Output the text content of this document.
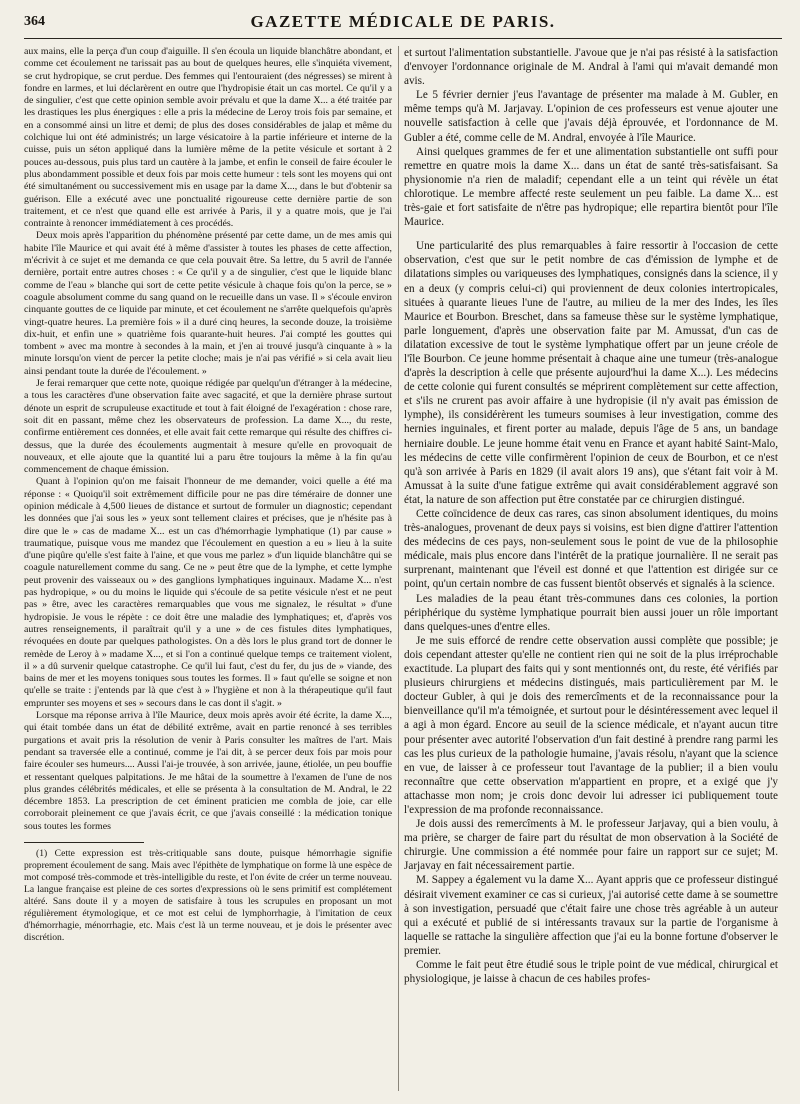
364	GAZETTE MÉDICALE DE PARIS.

aux mains, elle la perça d'un coup d'aiguille. Il s'en écoula un liquide blanchâtre abondant, et comme cet écoulement ne tarissait pas au bout de quelques heures, elle s'inquiéta vivement, se crut hydropique, se crut perdue. Des femmes qui l'entouraient (des négresses) se mirent à fondre en larmes, et lui déclarèrent en outre que l'hydropisie était un cas mortel. Ce qu'il y a de singulier, c'est que cette opinion semble avoir prévalu et que la dame X... a été traitée par les drastiques les plus énergiques : elle a pris la médecine de Leroy trois fois par semaine, et en a consommé ainsi un litre et demi; de plus des doses considérables de jalap et même du colchique lui ont été administrés; un large vésicatoire à la partie inférieure et interne de la cuisse, puis un séton appliqué dans la lumière même de la petite vésicule et sortant à 2 pouces au-dessous, puis plus tard un cautère à la jambe, et enfin le conseil de faire écouler le plus abondamment possible et deux fois par mois cette humeur : tels sont les moyens qui ont été simultanément ou successivement mis en usage par la dame X..., dans le but d'obtenir sa guérison. Elle a exécuté avec une ponctualité rigoureuse cette dernière partie de son traitement, et ce n'est que quand elle est arrivée à Paris, il y a quatre mois, que je l'ai contrainte à renoncer immédiatement à ces procédés.

Deux mois après l'apparition du phénomène présenté par cette dame, un de mes amis qui habite l'île Maurice et qui avait été à même d'assister à toutes les phases de cette affection, m'écrivit à ce sujet et me demanda ce que cela pouvait être. Sa lettre, du 5 avril de l'année dernière, portait entre autres choses : « Ce qu'il y a de singulier, c'est que le liquide blanc comme de l'eau » blanche qui sort de cette petite vésicule à chaque fois qu'on la perce, se » coagule absolument comme du sang quand on le recueille dans un vase. Il » s'écoule environ cinquante gouttes de ce liquide par minute, et cet écoulement ne s'arrête quelquefois qu'après vingt-quatre heures. La première fois » il a duré cinq heures, la seconde douze, la troisième dix-huit, et enfin une » quatrième fois quarante-huit heures. J'ai compté les gouttes qui tombent » avec ma montre à secondes à la main, et j'en ai trouvé jusqu'à cinquante à » la minute lorsqu'on vient de percer la petite cloche; mais je n'ai pas vérifié » si cela avait lieu ainsi pendant toute la durée de l'écoulement. »

Je ferai remarquer que cette note, quoique rédigée par quelqu'un d'étranger à la médecine, a tous les caractères d'une observation faite avec sagacité, et que la dernière phrase surtout dénote un esprit de scrupuleuse exactitude et tout à fait éloigné de l'exagération : chose rare, soit dit en passant, même chez les observateurs de profession. La dame X..., du reste, confirme entièrement ces données, et elle avait fait cette remarque qui résulte des chiffres ci-dessus, que la durée des écoulements augmentait à mesure qu'elle en provoquait de nouveaux, et elle ajoute que la quantité lui a paru être toujours la même à la fin qu'au commencement de chaque émission.

Quant à l'opinion qu'on me faisait l'honneur de me demander, voici quelle a été ma réponse : « Quoiqu'il soit extrêmement difficile pour ne pas dire téméraire de donner une opinion médicale à 4,500 lieues de distance et surtout de formuler un diagnostic; cependant les données que j'ai sous les » yeux sont tellement claires et précises, que je n'hésite pas à dire que le » cas de madame X... est un cas d'hémorrhagie lymphatique (1) par cause » traumatique, puisque vous me mandez que l'écoulement en question a eu » lieu à la suite d'une piqûre qu'elle s'est faite à l'aine, et que vous me parlez » d'un liquide blanchâtre qui se coagule naturellement comme du sang. Ce ne » peut être que de la lymphe, et cette lymphe peut provenir des vaisseaux ou » des ganglions lymphatiques inguinaux. Madame X... n'est pas hydropique, » ou du moins le liquide qui s'écoule de sa petite vésicule n'est et ne peut pas » être, avec les caractères remarquables que vous me signalez, le résultat » d'une hydropisie. Je vous le répète : ce doit être une maladie des lymphatiques; et, d'après vos autres renseignements, il paraîtrait qu'il y a une » de ces fistules dites lymphatiques, révoquées en doute par quelques pathologistes. On a dès lors le plus grand tort de donner le remède de Leroy à » madame X..., et si l'on a continué quelque temps ce traitement violent, il » a dû survenir quelque catastrophe. Ce qu'il lui faut, c'est du fer, du jus de » viande, des bains de mer et les moyens toniques sous toutes les formes. Il » faut qu'elle se soigne et non qu'elle se traite : j'entends par là que c'est à » l'hygiène et non à la thérapeutique qu'il faut emprunter ses moyens et ses » secours dans le cas dont il s'agit. »

Lorsque ma réponse arriva à l'île Maurice, deux mois après avoir été écrite, la dame X..., qui était tombée dans un état de débilité extrême, avait en partie renoncé à ses terribles purgations et avait pris la résolution de venir à Paris consulter les maîtres de l'art. Mais pendant sa traversée elle a continué, comme je l'ai dit, à se percer deux fois par mois pour faire écouler ses humeurs.... Aussi l'ai-je trouvée, à son arrivée, jaune, étiolée, un peu bouffie et ressentant quelques palpitations. Je me hâtai de la soumettre à l'examen de l'une de nos plus grandes célébrités médicales, et elle se présenta à la consultation de M. Andral, le 22 décembre 1853. La prescription de cet éminent praticien me combla de joie, car elle corroborait pleinement ce que j'avais écrit, ce que j'avais conseillé : la médication tonique sous toutes les formes

(1) Cette expression est très-critiquable sans doute, puisque hémorrhagie signifie proprement écoulement de sang. Mais avec l'épithète de lymphatique on forme là une espèce de mot composé très-commode et très-intelligible du reste, et l'on évite de créer un terme nouveau. La langue française est pleine de ces sortes d'expressions où le sens primitif est complétement altéré. Sans doute il y a moyen de satisfaire à tous les scrupules en proposant un mot régulièrement étymologique, et ce mot est celui de lymphorrhagie, à l'imitation de ceux d'hémorrhagie, ménorrhagie, etc. Mais c'est là un terme nouveau, et je dois le présenter avec discrétion.

et surtout l'alimentation substantielle. J'avoue que je n'ai pas résisté à la satisfaction d'envoyer l'ordonnance originale de M. Andral à l'ami qui m'avait demandé mon avis.

Le 5 février dernier j'eus l'avantage de présenter ma malade à M. Gubler, en même temps qu'à M. Jarjavay. L'opinion de ces professeurs est venue ajouter une nouvelle satisfaction à celle que j'avais déjà éprouvée, et l'ordonnance de M. Gubler a été, comme celle de M. Andral, envoyée à l'île Maurice.

Ainsi quelques grammes de fer et une alimentation substantielle ont suffi pour remettre en quatre mois la dame X... dans un état de santé très-satisfaisant. Sa physionomie n'a rien de maladif; cependant elle a un teint qui révèle un état chlorotique. Le membre affecté reste seulement un peu faible. La dame X... est très-gaie et fort satisfaite de n'être pas hydropique; elle repartira bientôt pour l'île Maurice.

Une particularité des plus remarquables à faire ressortir à l'occasion de cette observation, c'est que sur le petit nombre de cas d'émission de lymphe et de dilatations simples ou variqueuses des lymphatiques, consignés dans la science, il y en a deux (y compris celui-ci) qui proviennent de deux colonies intertropicales, situées à quarante lieues l'une de l'autre, au milieu de la mer des Indes, les îles Maurice et Bourbon. Breschet, dans sa fameuse thèse sur le système lymphatique, parle longuement, d'après une observation faite par M. Amussat, d'un cas de dilatation excessive de tout le système lymphatique offert par un jeune créole de l'île Bourbon. Ce jeune homme présentait à chaque aine une tumeur (très-analogue d'après la description à celle que présente aujourd'hui la dame X...). Les médecins de cette colonie qui furent consultés se méprirent complètement sur cette affection, et s'ils ne crurent pas avoir affaire à une hydropisie (il n'y avait pas émission de lymphe), ils considérèrent les tumeurs soumises à leur investigation, comme des hernies inguinales, et firent porter au malade, depuis l'âge de 5 ans, un bandage herniaire double. Le jeune homme était venu en France et ayant habité Saint-Malo, les médecins de cette ville confirmèrent l'opinion de ceux de Bourbon, et ce n'est qu'à son arrivée à Paris en 1829 (il avait alors 19 ans), que s'étant fait voir à M. Amussat à la suite d'une fatigue extrême qui avait considérablement aggravé son état, la nature de son affection put être constatée par ce chirurgien distingué.

Cette coïncidence de deux cas rares, cas sinon absolument identiques, du moins très-analogues, provenant de deux pays si voisins, est bien digne d'attirer l'attention des médecins de ces pays, non-seulement sous le point de vue de la philosophie médicale, mais plus encore dans l'intérêt de la pratique journalière. Il ne serait pas surprenant, maintenant que l'éveil est donné et que l'attention est dirigée sur ce point, qu'un certain nombre de cas fussent bientôt observés et signalés à la science.

Les maladies de la peau étant très-communes dans ces colonies, la portion périphérique du système lymphatique pourrait bien aussi jouer un rôle important dans quelques-unes d'entre elles.

Je me suis efforcé de rendre cette observation aussi complète que possible; je dois cependant attester qu'elle ne contient rien qui ne soit de la plus irréprochable exactitude. La plupart des faits qui y sont mentionnés ont, du reste, été vérifiés par plusieurs chirurgiens et médecins distingués, mais particulièrement par M. le docteur Gubler, à qui je dois des remercîments et de la reconnaissance pour la bienveillance qu'il m'a témoignée, et surtout pour le désintéressement avec lequel il a agi à mon égard. Encore au seuil de la science médicale, et n'ayant aucun titre pour présenter avec autorité l'observation d'un fait destiné à prendre rang parmi les cas les plus curieux de la pathologie humaine, j'avais résolu, n'ayant que la science en vue, de laisser à ce professeur tout l'avantage de la publier; il a bien voulu reconnaître que cette observation m'appartient en propre, et a exigé que j'y attachasse mon nom; je crois donc devoir lui adresser ici publiquement toute l'expression de ma profonde reconnaissance.

Je dois aussi des remercîments à M. le professeur Jarjavay, qui a bien voulu, à ma prière, se charger de faire part du résultat de mon observation à la Société de chirurgie. Une commission a été nommée pour faire un rapport sur ce sujet; M. Jarjavay en fait nécessairement partie.

M. Sappey a également vu la dame X... Ayant appris que ce professeur distingué désirait vivement examiner ce cas si curieux, j'ai autorisé cette dame à se soumettre à son investigation, persuadé que c'était faire une chose très agréable à un auteur qui a exécuté et publié de si intéressants travaux sur la partie de l'organisme à laquelle se rattache la singulière affection que j'ai eu la bonne fortune d'observer le premier.

Comme le fait peut être étudié sous le triple point de vue médical, chirurgical et physiologique, je laisse à chacun de ces habiles profes-
